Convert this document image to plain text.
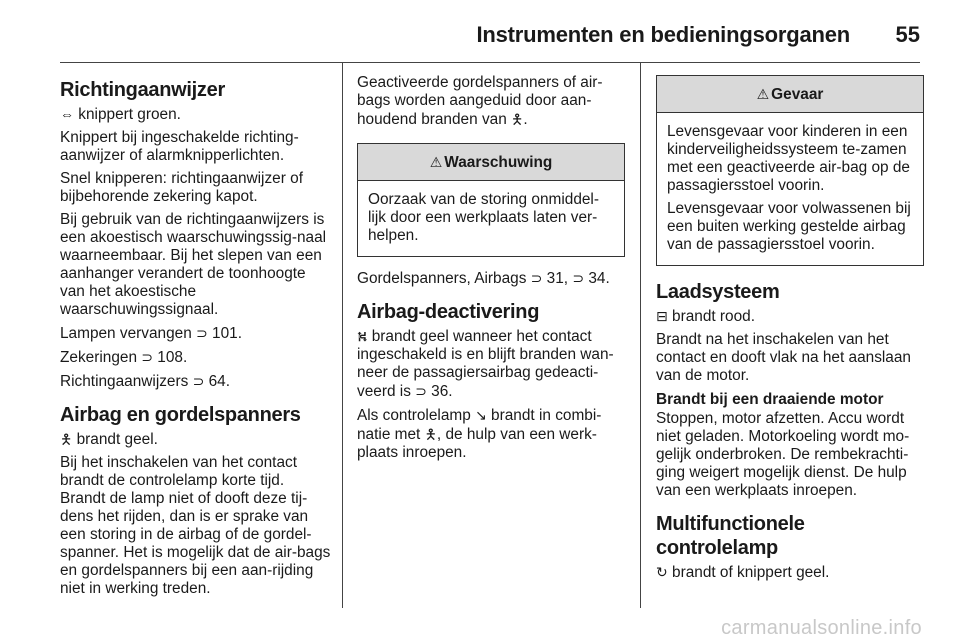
Instrumenten en bedieningsorganen 55
Richtingaanwijzer

⇔ knippert groen.

Knippert bij ingeschakelde richting-aanwijzer of alarmknipperlichten.

Snel knipperen: richtingaanwijzer of bijbehorende zekering kapot.

Bij gebruik van de richtingaanwijzers is een akoestisch waarschuwingssig-naal waarneembaar. Bij het slepen van een aanhanger verandert de toonhoogte van het akoestische waarschuwingssignaal.

Lampen vervangen ⊃ 101.

Zekeringen ⊃ 108.

Richtingaanwijzers ⊃ 64.

Airbag en gordelspanners

🯅 brandt geel.

Bij het inschakelen van het contact brandt de controlelamp korte tijd. Brandt de lamp niet of dooft deze tij-dens het rijden, dan is er sprake van een storing in de airbag of de gordel-spanner. Het is mogelijk dat de air-bags en gordelspanners bij een aan-rijding niet in werking treden.

Geactiveerde gordelspanners of air-bags worden aangeduid door aan-houdend branden van 🯅.

⚠ Waarschuwing

Oorzaak van de storing onmiddel-lijk door een werkplaats laten ver-helpen.

Gordelspanners, Airbags ⊃ 31, ⊃ 34.

Airbag-deactivering

⛕ brandt geel wanneer het contact ingeschakeld is en blijft branden wan-neer de passagiersairbag gedeacti-veerd is ⊃ 36.

Als controlelamp ↘ brandt in combi-natie met 🯅, de hulp van een werk-plaats inroepen.

⚠ Gevaar

Levensgevaar voor kinderen in een kinderveiligheidssysteem te-zamen met een geactiveerde air-bag op de passagiersstoel voorin.

Levensgevaar voor volwassenen bij een buiten werking gestelde airbag van de passagiersstoel voorin.

Laadsysteem

⊟ brandt rood.

Brandt na het inschakelen van het contact en dooft vlak na het aanslaan van de motor.

Brandt bij een draaiende motor

Stoppen, motor afzetten. Accu wordt niet geladen. Motorkoeling wordt mo-gelijk onderbroken. De rembekrachti-ging weigert mogelijk dienst. De hulp van een werkplaats inroepen.

Multifunctionele controlelamp

↻ brandt of knippert geel.

carmanualsonline.info
